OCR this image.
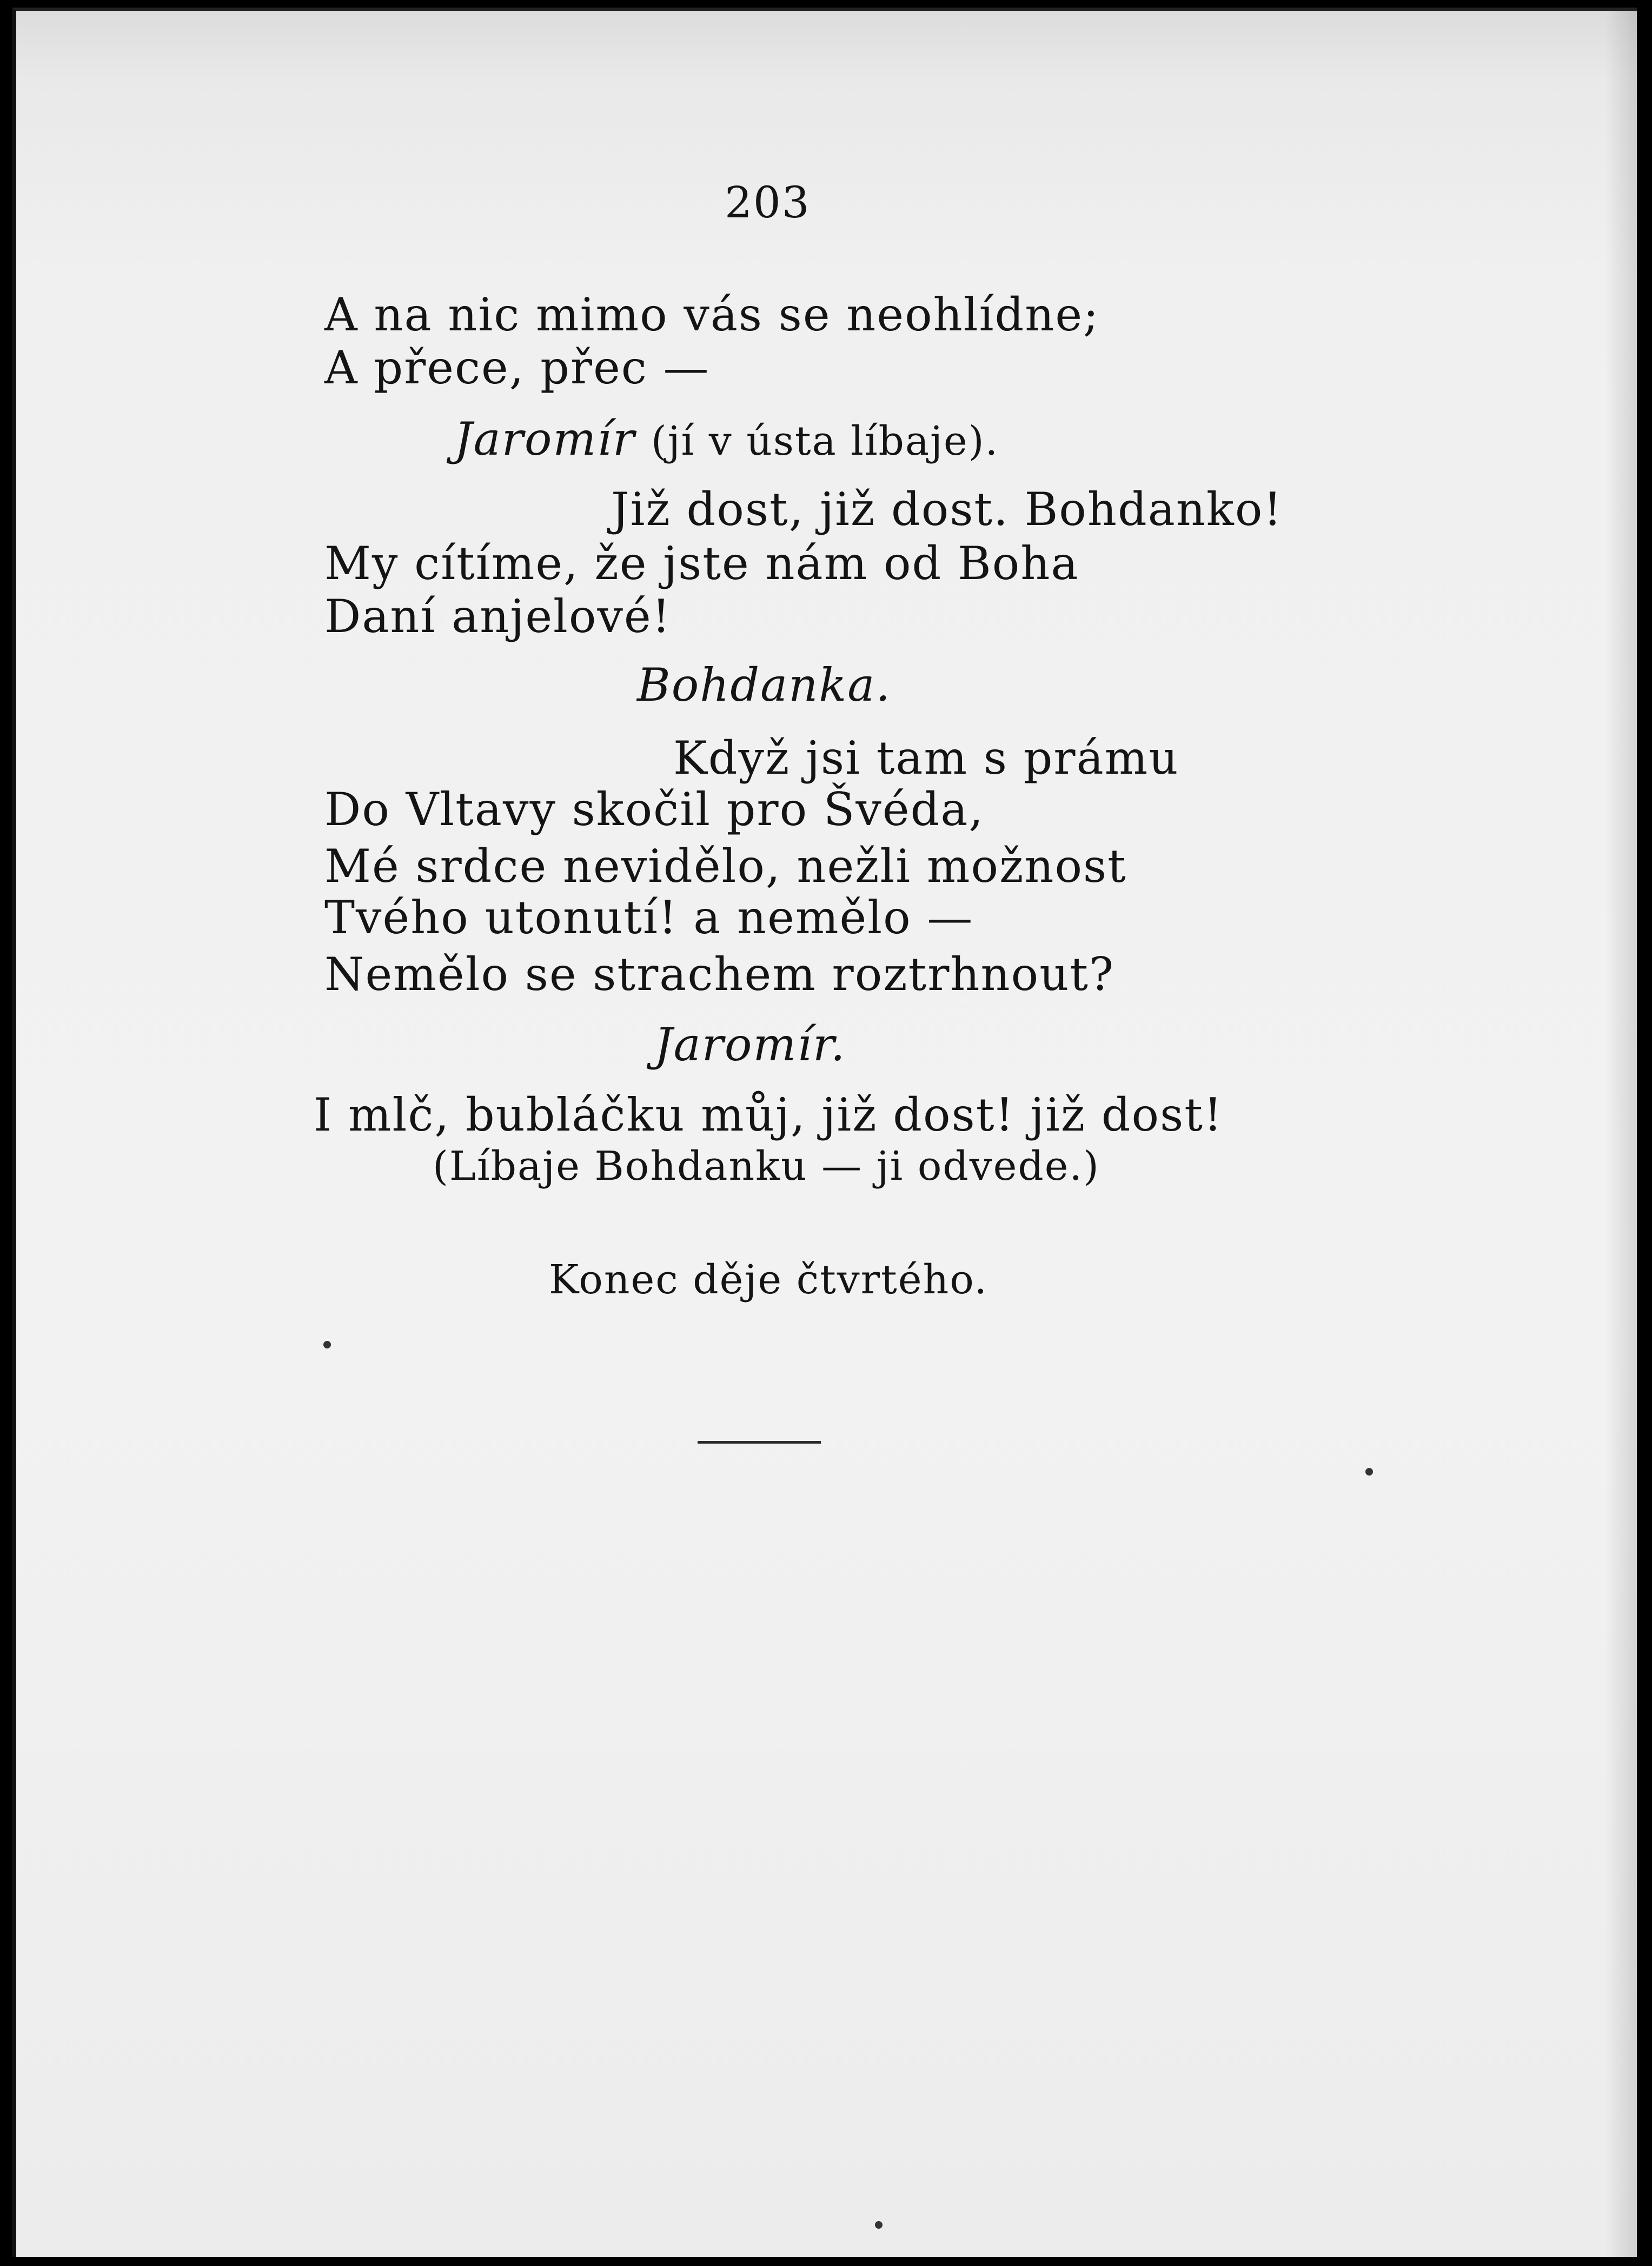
203
A na nic mimo vás se neohlídne;
A přece, přec —
Jaromír (jí v ústa líbaje).
Již dost, již dost. Bohdanko!
My cítíme, že jste nám od Boha
Daní anjelové!
Bohdanka.
Když jsi tam s prámu
Do Vltavy skočil pro Švéda,
Mé srdce nevidělo, nežli možnost
Tvého utonutí! a nemělo —
Nemělo se strachem roztrhnout?
Jaromír.
I mlč, bubláčku můj, již dost! již dost!
(Líbaje Bohdanku — ji odvede.)
Konec děje čtvrtého.
